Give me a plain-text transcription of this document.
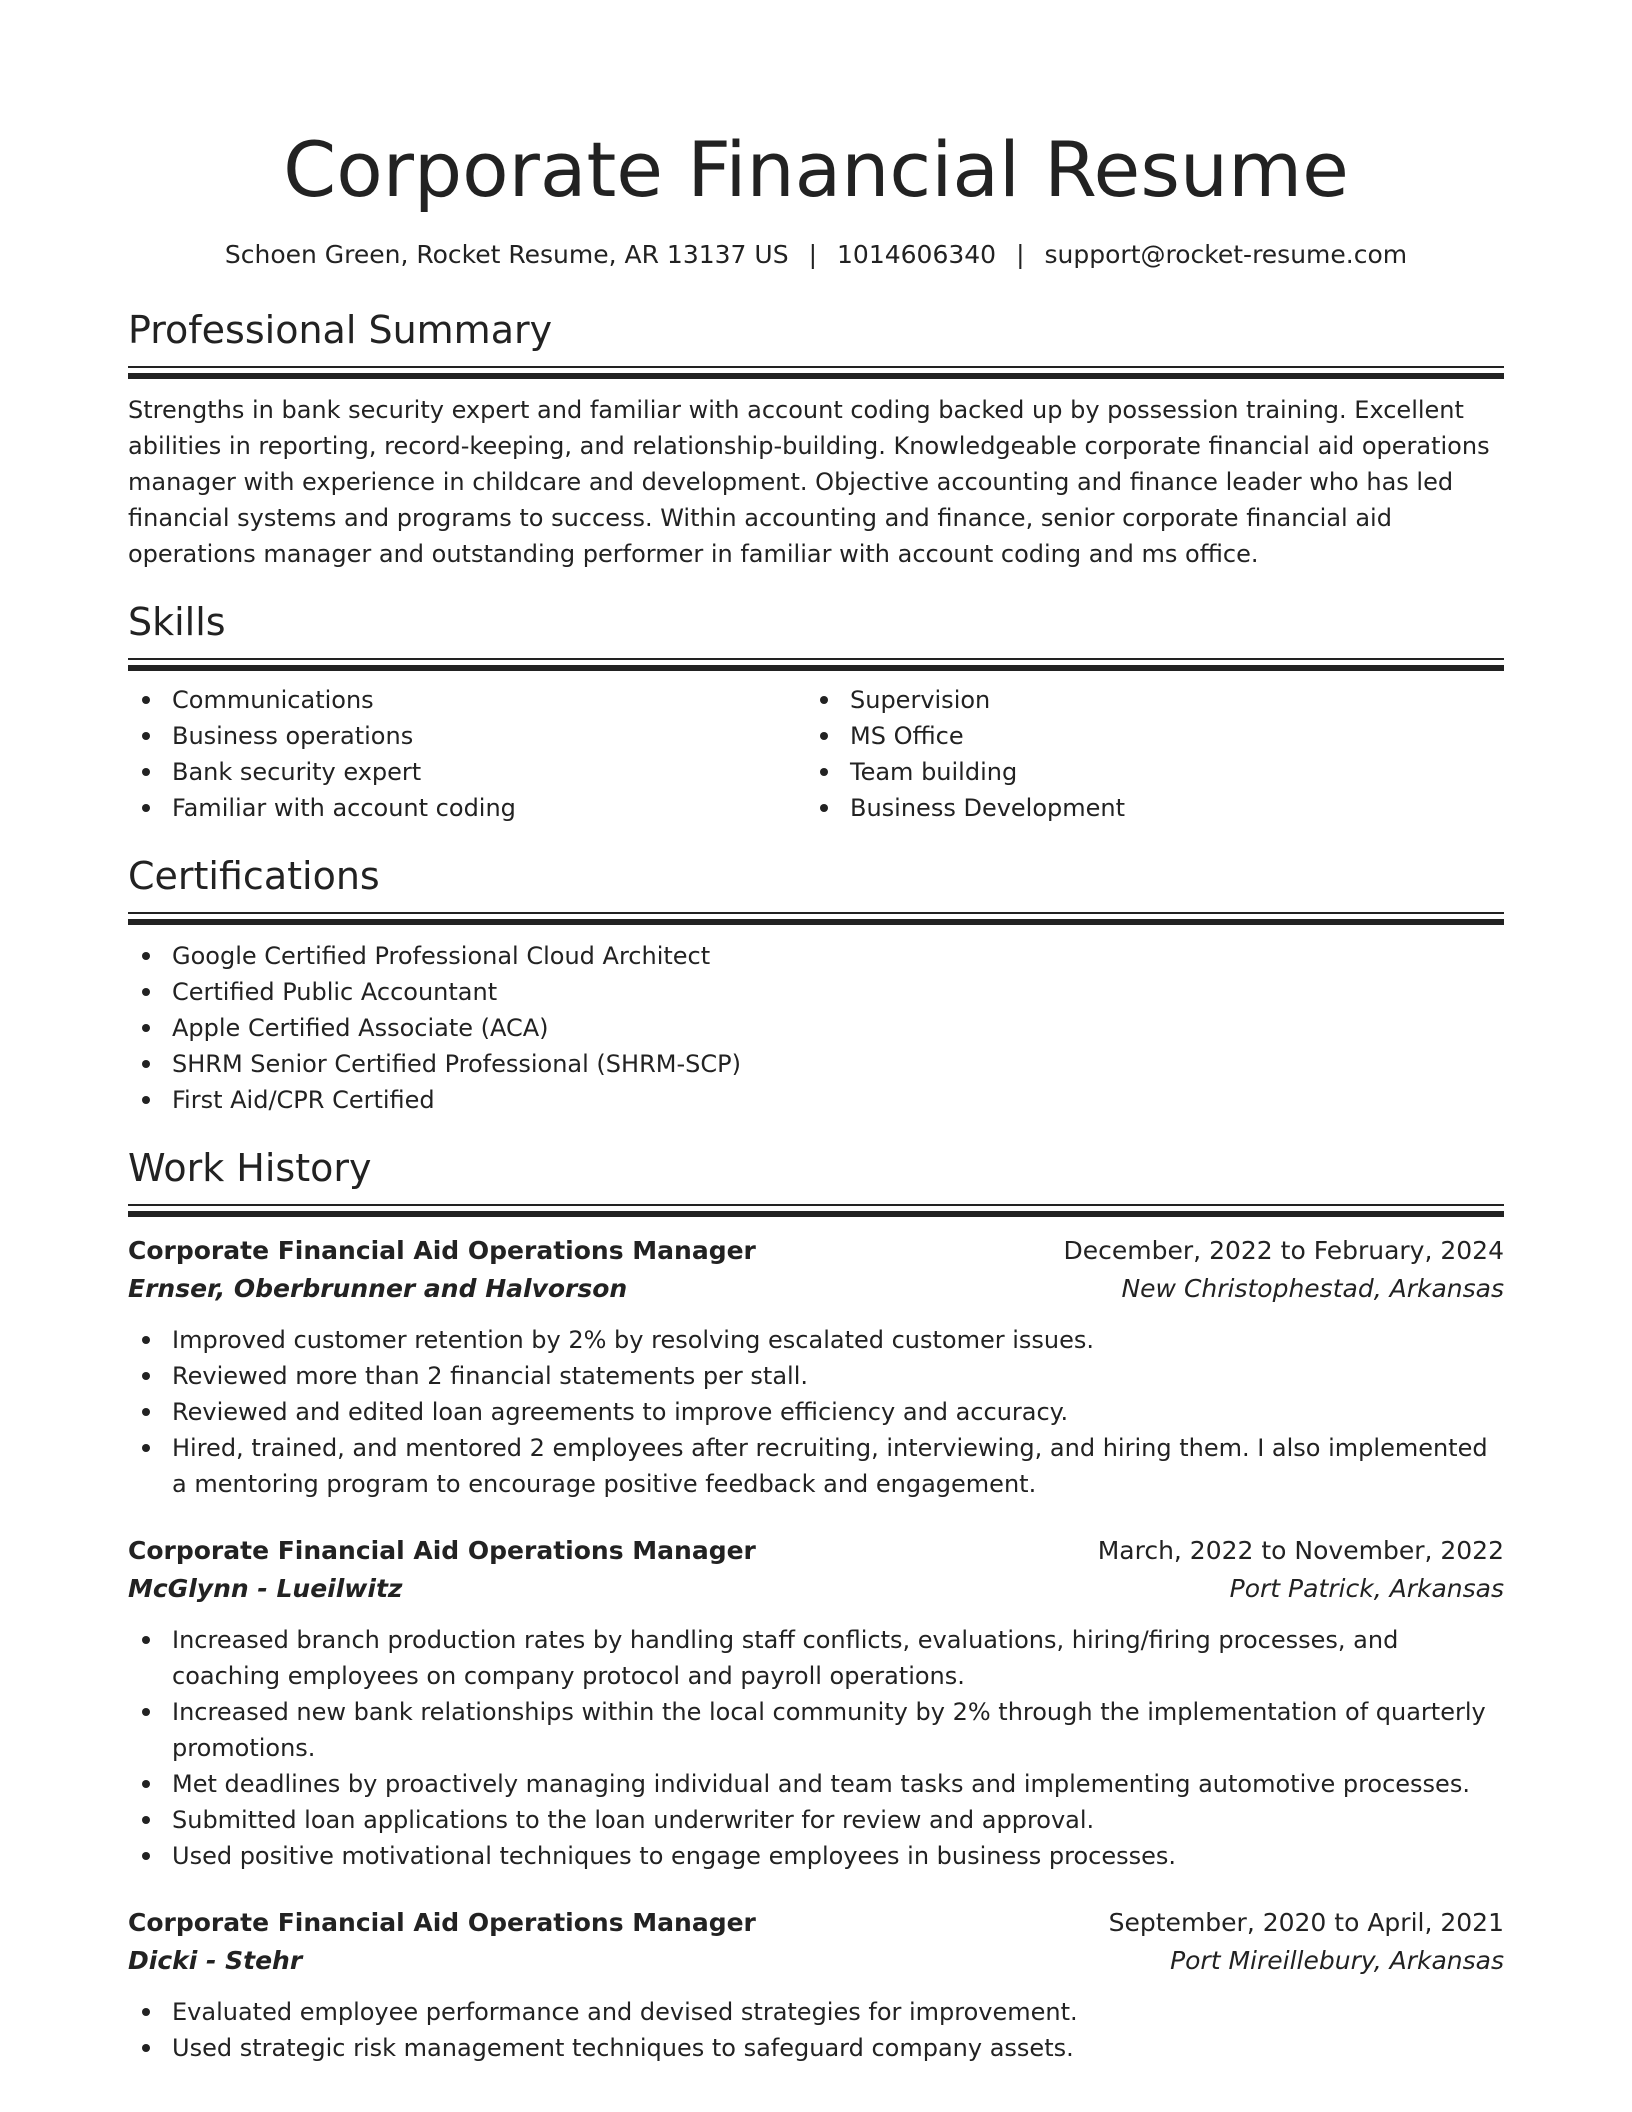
Corporate Financial Resume
Schoen Green, Rocket Resume, AR 13137 US | 1014606340 | support@rocket-resume.com
Professional Summary
Strengths in bank security expert and familiar with account coding backed up by possession training. Excellent abilities in reporting, record-keeping, and relationship-building. Knowledgeable corporate financial aid operations manager with experience in childcare and development. Objective accounting and finance leader who has led financial systems and programs to success. Within accounting and finance, senior corporate financial aid operations manager and outstanding performer in familiar with account coding and ms office.
Skills
Communications
Business operations
Bank security expert
Familiar with account coding
Supervision
MS Office
Team building
Business Development
Certifications
Google Certified Professional Cloud Architect
Certified Public Accountant
Apple Certified Associate (ACA)
SHRM Senior Certified Professional (SHRM-SCP)
First Aid/CPR Certified
Work History
Corporate Financial Aid Operations Manager	December, 2022 to February, 2024
Ernser, Oberbrunner and Halvorson	New Christophestad, Arkansas
Improved customer retention by 2% by resolving escalated customer issues.
Reviewed more than 2 financial statements per stall.
Reviewed and edited loan agreements to improve efficiency and accuracy.
Hired, trained, and mentored 2 employees after recruiting, interviewing, and hiring them. I also implemented a mentoring program to encourage positive feedback and engagement.
Corporate Financial Aid Operations Manager	March, 2022 to November, 2022
McGlynn - Lueilwitz	Port Patrick, Arkansas
Increased branch production rates by handling staff conflicts, evaluations, hiring/firing processes, and coaching employees on company protocol and payroll operations.
Increased new bank relationships within the local community by 2% through the implementation of quarterly promotions.
Met deadlines by proactively managing individual and team tasks and implementing automotive processes.
Submitted loan applications to the loan underwriter for review and approval.
Used positive motivational techniques to engage employees in business processes.
Corporate Financial Aid Operations Manager	September, 2020 to April, 2021
Dicki - Stehr	Port Mireillebury, Arkansas
Evaluated employee performance and devised strategies for improvement.
Used strategic risk management techniques to safeguard company assets.
